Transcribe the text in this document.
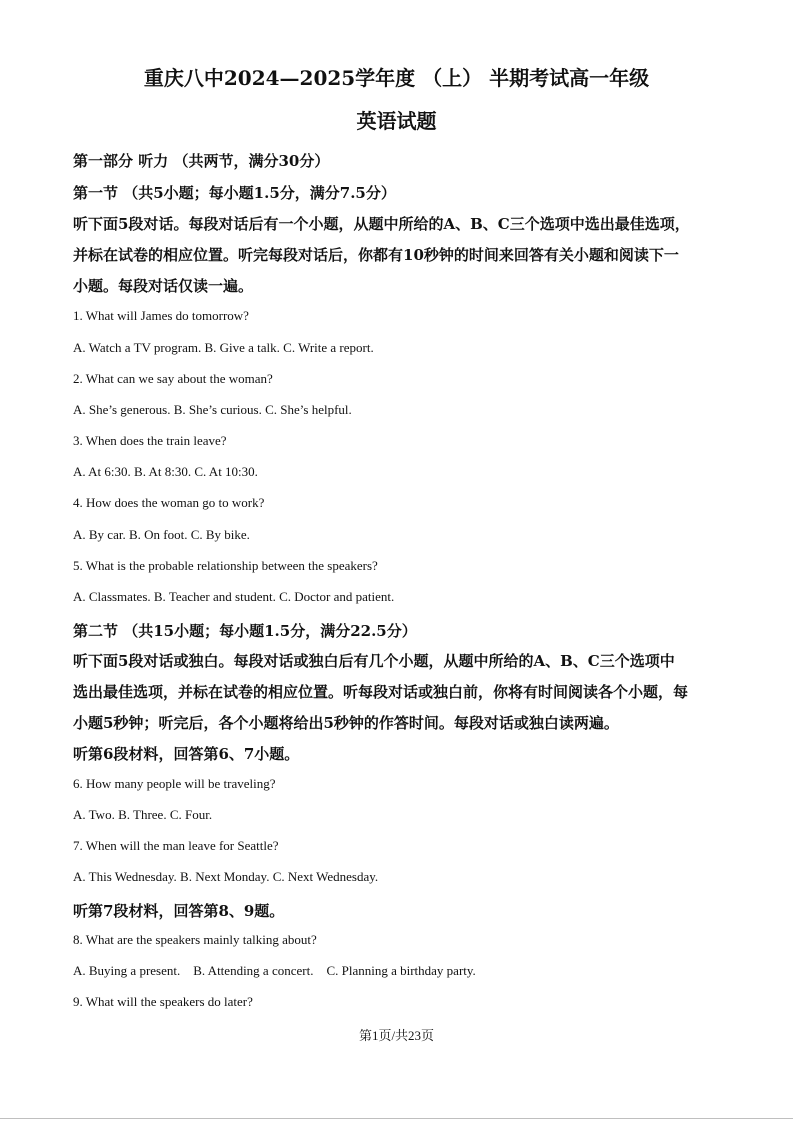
重庆八中2024—2025学年度 （上） 半期考试高一年级
英语试题
第一部分 听力 （共两节，满分30分）
第一节 （共5小题；每小题1.5分，满分7.5分）
听下面5段对话。每段对话后有一个小题，从题中所给的A、B、C三个选项中选出最佳选项，
并标在试卷的相应位置。听完每段对话后，你都有10秒钟的时间来回答有关小题和阅读下一
小题。每段对话仅读一遍。
1. What will James do tomorrow?
A. Watch a TV program. B. Give a talk. C. Write a report.
2. What can we say about the woman?
A. She’s generous. B. She’s curious. C. She’s helpful.
3. When does the train leave?
A. At 6:30. B. At 8:30. C. At 10:30.
4. How does the woman go to work?
A. By car. B. On foot. C. By bike.
5. What is the probable relationship between the speakers?
A. Classmates. B. Teacher and student. C. Doctor and patient.
第二节 （共15小题；每小题1.5分，满分22.5分）
听下面5段对话或独白。每段对话或独白后有几个小题，从题中所给的A、B、C三个选项中
选出最佳选项，并标在试卷的相应位置。听每段对话或独白前，你将有时间阅读各个小题，每
小题5秒钟；听完后，各个小题将给出5秒钟的作答时间。每段对话或独白读两遍。
听第6段材料，回答第6、7小题。
6. How many people will be traveling?
A. Two. B. Three. C. Four.
7. When will the man leave for Seattle?
A. This Wednesday. B. Next Monday. C. Next Wednesday.
听第7段材料，回答第8、9题。
8. What are the speakers mainly talking about?
A. Buying a present.    B. Attending a concert.    C. Planning a birthday party.
9. What will the speakers do later?
第1页/共23页
